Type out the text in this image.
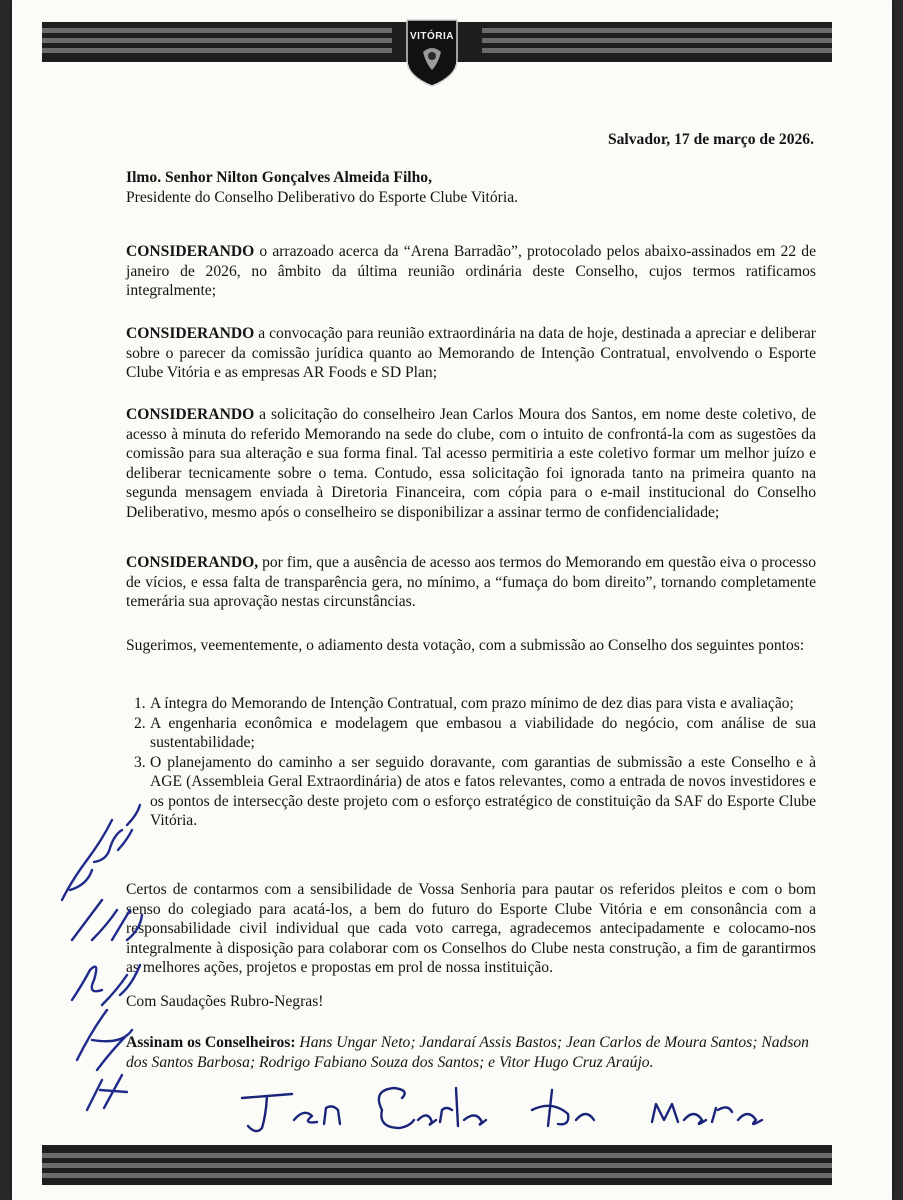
VITÓRIA
Salvador, 17 de março de 2026.
Ilmo. Senhor Nilton Gonçalves Almeida Filho,
Presidente do Conselho Deliberativo do Esporte Clube Vitória.

CONSIDERANDO o arrazoado acerca da “Arena Barradão”, protocolado pelos abaixo-assinados em 22 de janeiro de 2026, no âmbito da última reunião ordinária deste Conselho, cujos termos ratificamos integralmente;

CONSIDERANDO a convocação para reunião extraordinária na data de hoje, destinada a apreciar e deliberar sobre o parecer da comissão jurídica quanto ao Memorando de Intenção Contratual, envolvendo o Esporte Clube Vitória e as empresas AR Foods e SD Plan;

CONSIDERANDO a solicitação do conselheiro Jean Carlos Moura dos Santos, em nome deste coletivo, de acesso à minuta do referido Memorando na sede do clube, com o intuito de confrontá-la com as sugestões da comissão para sua alteração e sua forma final. Tal acesso permitiria a este coletivo formar um melhor juízo e deliberar tecnicamente sobre o tema. Contudo, essa solicitação foi ignorada tanto na primeira quanto na segunda mensagem enviada à Diretoria Financeira, com cópia para o e-mail institucional do Conselho Deliberativo, mesmo após o conselheiro se disponibilizar a assinar termo de confidencialidade;

CONSIDERANDO, por fim, que a ausência de acesso aos termos do Memorando em questão eiva o processo de vícios, e essa falta de transparência gera, no mínimo, a “fumaça do bom direito”, tornando completamente temerária sua aprovação nestas circunstâncias.

Sugerimos, veementemente, o adiamento desta votação, com a submissão ao Conselho dos seguintes pontos:

1. A íntegra do Memorando de Intenção Contratual, com prazo mínimo de dez dias para vista e avaliação;
2. A engenharia econômica e modelagem que embasou a viabilidade do negócio, com análise de sua sustentabilidade;
3. O planejamento do caminho a ser seguido doravante, com garantias de submissão a este Conselho e à AGE (Assembleia Geral Extraordinária) de atos e fatos relevantes, como a entrada de novos investidores e os pontos de intersecção deste projeto com o esforço estratégico de constituição da SAF do Esporte Clube Vitória.

Certos de contarmos com a sensibilidade de Vossa Senhoria para pautar os referidos pleitos e com o bom senso do colegiado para acatá-los, a bem do futuro do Esporte Clube Vitória e em consonância com a responsabilidade civil individual que cada voto carrega, agradecemos antecipadamente e colocamo-nos integralmente à disposição para colaborar com os Conselhos do Clube nesta construção, a fim de garantirmos as melhores ações, projetos e propostas em prol de nossa instituição.

Com Saudações Rubro-Negras!
Assinam os Conselheiros: Hans Ungar Neto; Jandaraí Assis Bastos; Jean Carlos de Moura Santos; Nadson dos Santos Barbosa; Rodrigo Fabiano Souza dos Santos; e Vitor Hugo Cruz Araújo.
